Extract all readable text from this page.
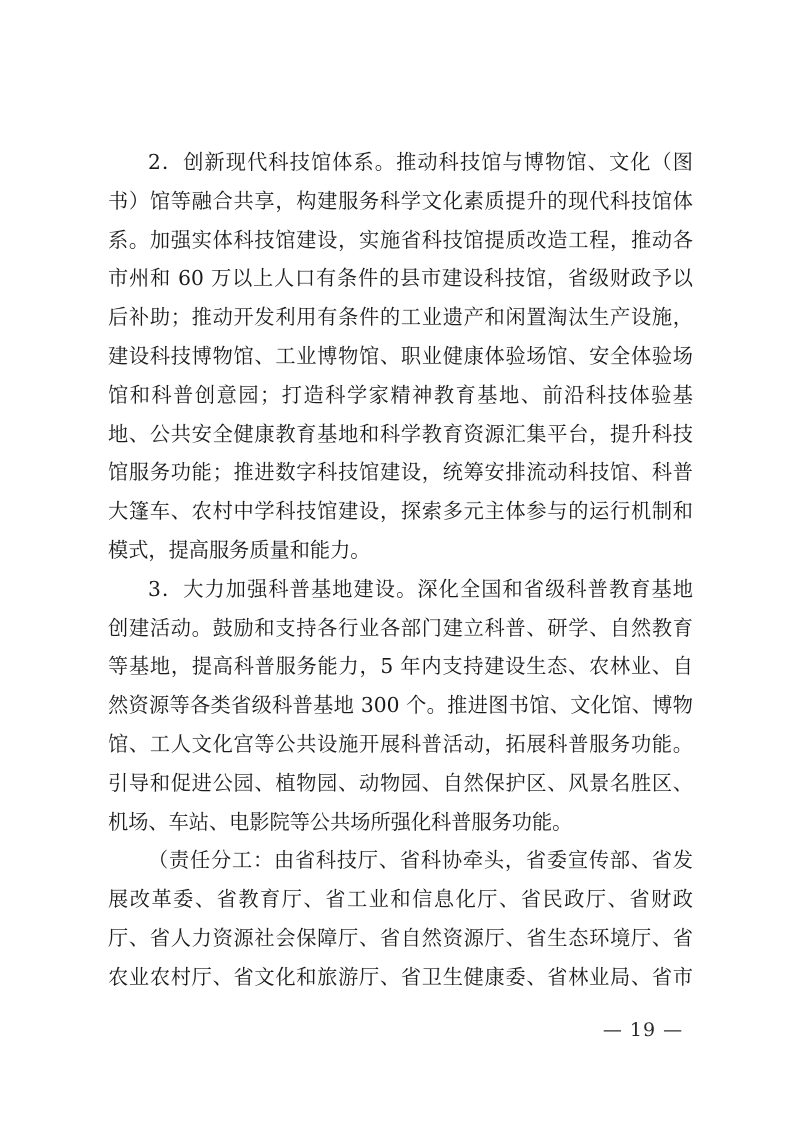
2．创新现代科技馆体系。推动科技馆与博物馆、文化（图
书）馆等融合共享，构建服务科学文化素质提升的现代科技馆体
系。加强实体科技馆建设，实施省科技馆提质改造工程，推动各
市州和 60 万以上人口有条件的县市建设科技馆，省级财政予以
后补助；推动开发利用有条件的工业遗产和闲置淘汰生产设施，
建设科技博物馆、工业博物馆、职业健康体验场馆、安全体验场
馆和科普创意园；打造科学家精神教育基地、前沿科技体验基
地、公共安全健康教育基地和科学教育资源汇集平台，提升科技
馆服务功能；推进数字科技馆建设，统筹安排流动科技馆、科普
大篷车、农村中学科技馆建设，探索多元主体参与的运行机制和
模式，提高服务质量和能力。
3．大力加强科普基地建设。深化全国和省级科普教育基地
创建活动。鼓励和支持各行业各部门建立科普、研学、自然教育
等基地，提高科普服务能力，5 年内支持建设生态、农林业、自
然资源等各类省级科普基地 300 个。推进图书馆、文化馆、博物
馆、工人文化宫等公共设施开展科普活动，拓展科普服务功能。
引导和促进公园、植物园、动物园、自然保护区、风景名胜区、
机场、车站、电影院等公共场所强化科普服务功能。
（责任分工：由省科技厅、省科协牵头，省委宣传部、省发
展改革委、省教育厅、省工业和信息化厅、省民政厅、省财政
厅、省人力资源社会保障厅、省自然资源厅、省生态环境厅、省
农业农村厅、省文化和旅游厅、省卫生健康委、省林业局、省市
— 19 —
